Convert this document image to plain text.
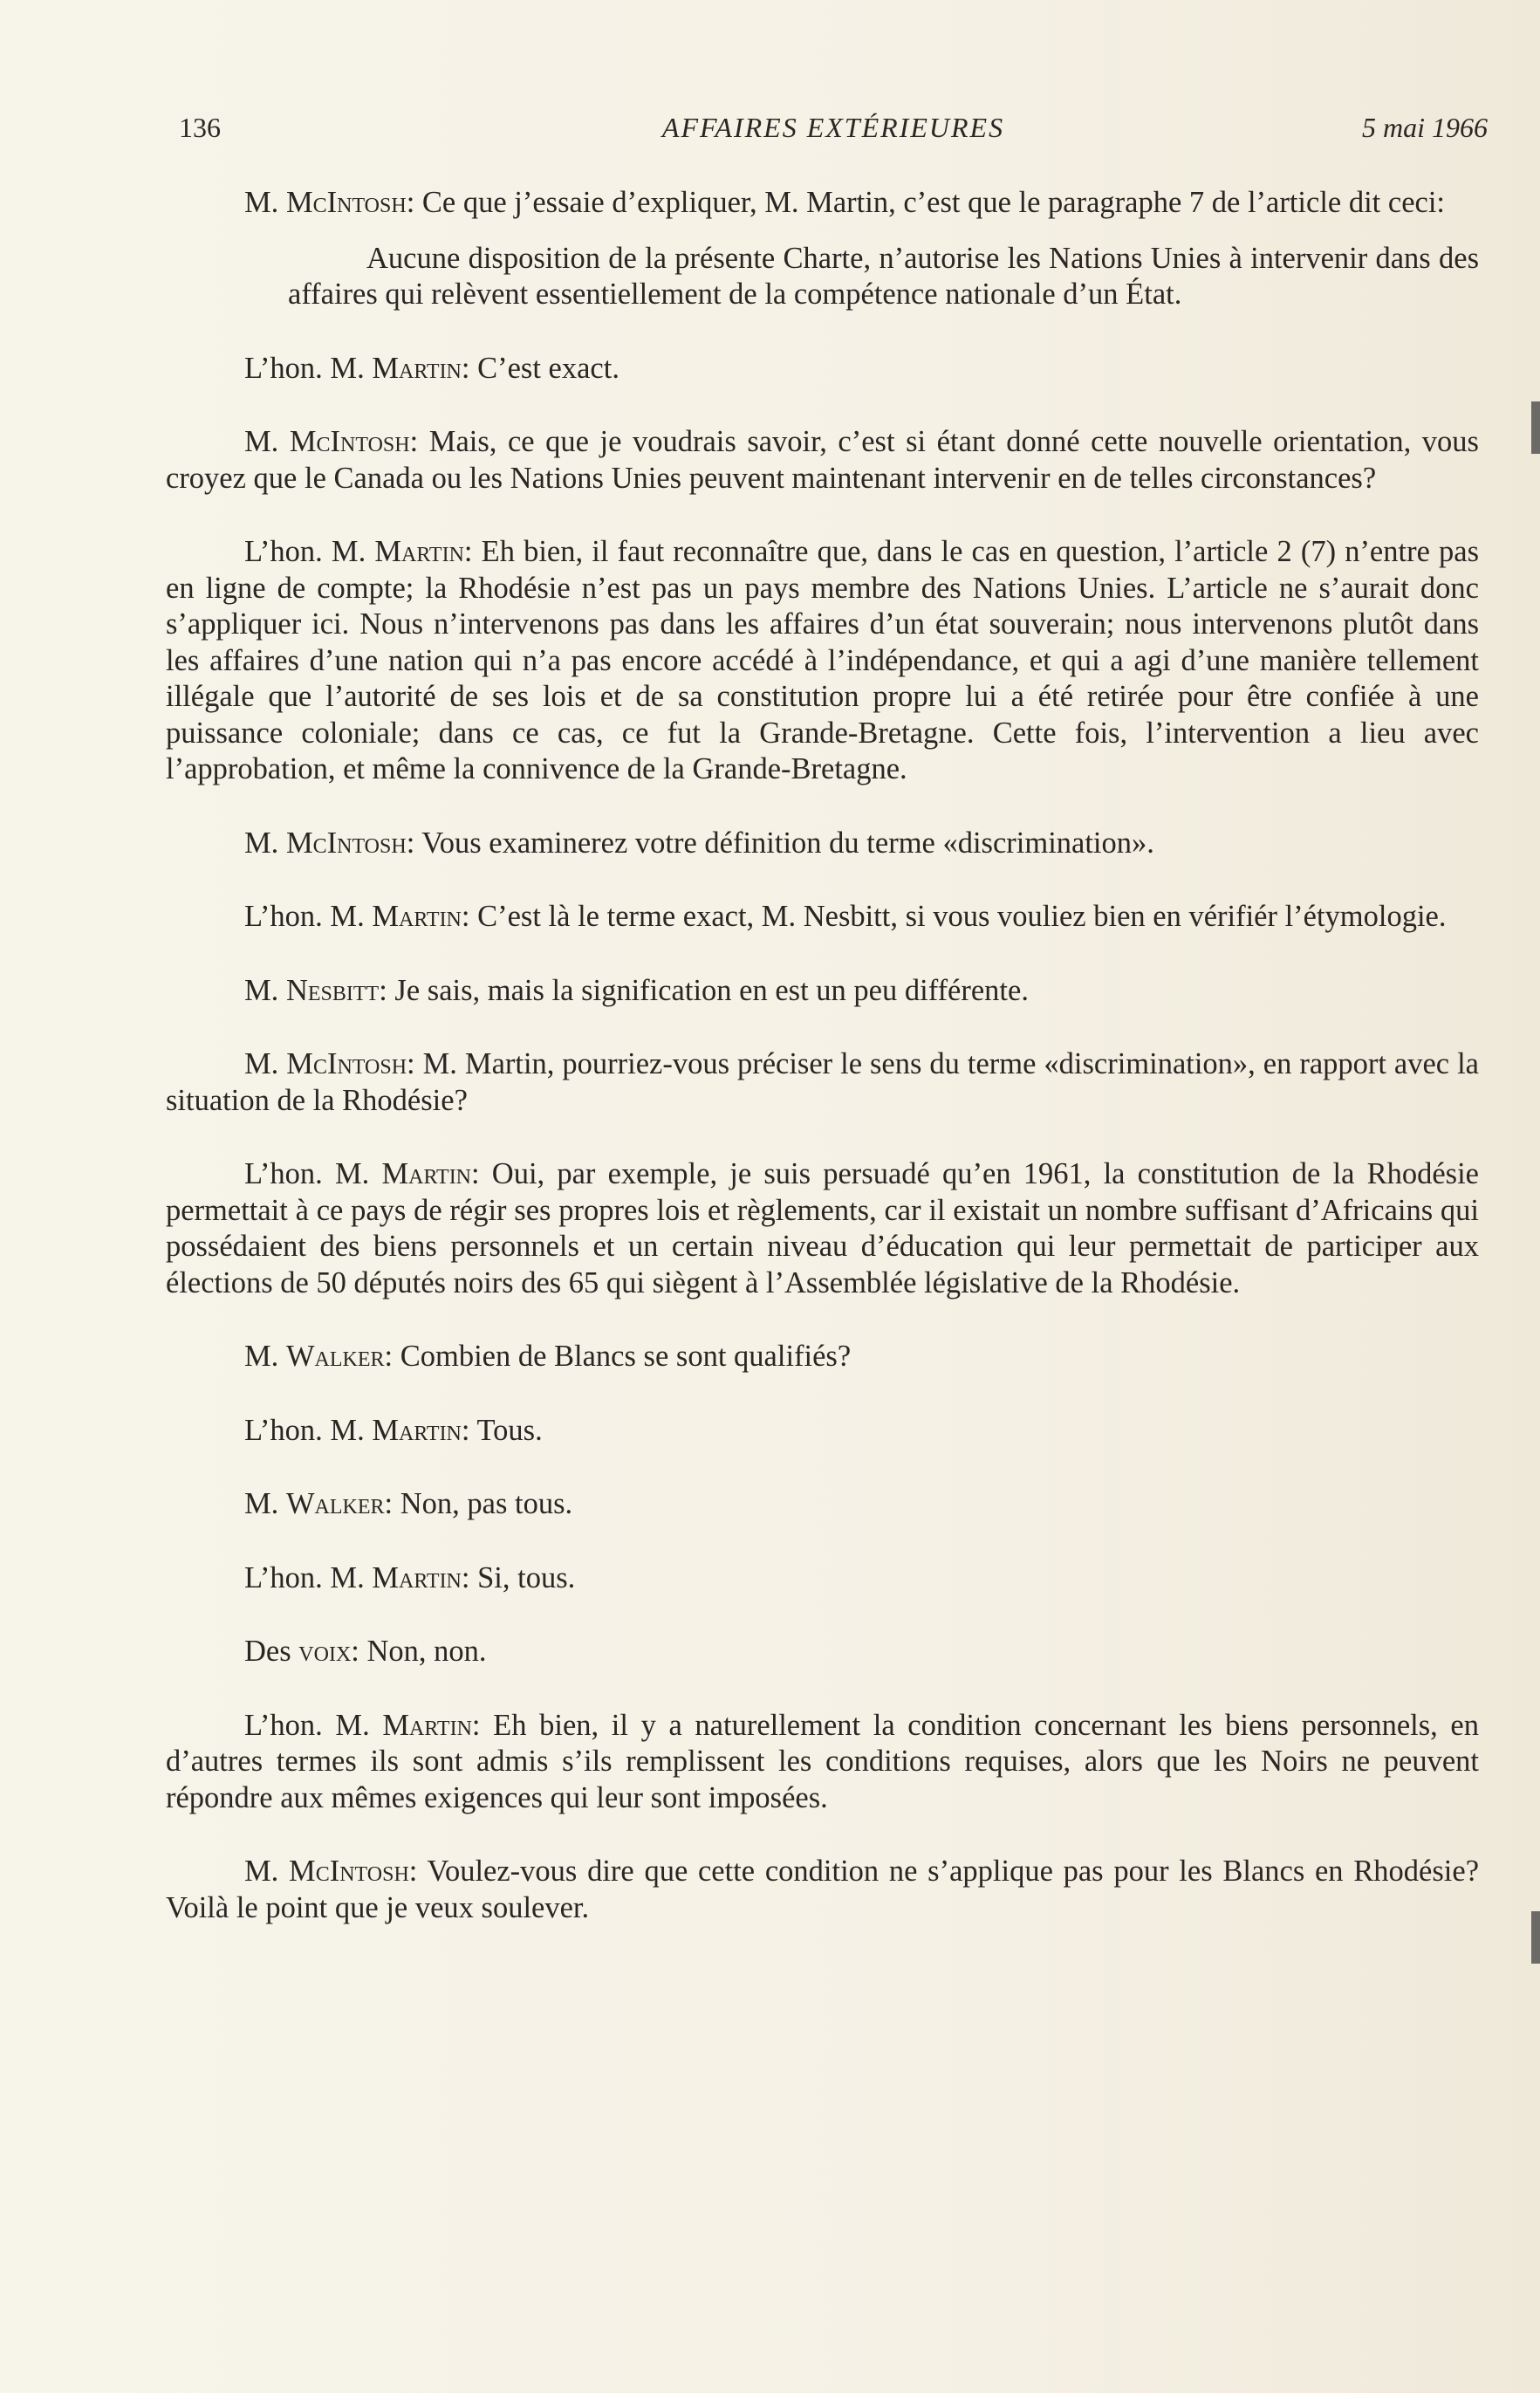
136	AFFAIRES EXTÉRIEURES	5 mai 1966

M. McIntosh: Ce que j’essaie d’expliquer, M. Martin, c’est que le paragraphe 7 de l’article dit ceci:

Aucune disposition de la présente Charte, n’autorise les Nations Unies à intervenir dans des affaires qui relèvent essentiellement de la compétence nationale d’un État.

L’hon. M. Martin: C’est exact.

M. McIntosh: Mais, ce que je voudrais savoir, c’est si étant donné cette nouvelle orientation, vous croyez que le Canada ou les Nations Unies peuvent maintenant intervenir en de telles circonstances?

L’hon. M. Martin: Eh bien, il faut reconnaître que, dans le cas en question, l’article 2 (7) n’entre pas en ligne de compte; la Rhodésie n’est pas un pays membre des Nations Unies. L’article ne s’aurait donc s’appliquer ici. Nous n’intervenons pas dans les affaires d’un état souverain; nous intervenons plutôt dans les affaires d’une nation qui n’a pas encore accédé à l’indépendance, et qui a agi d’une manière tellement illégale que l’autorité de ses lois et de sa constitution propre lui a été retirée pour être confiée à une puissance coloniale; dans ce cas, ce fut la Grande-Bretagne. Cette fois, l’intervention a lieu avec l’approbation, et même la connivence de la Grande-Bretagne.

M. McIntosh: Vous examinerez votre définition du terme «discrimination».

L’hon. M. Martin: C’est là le terme exact, M. Nesbitt, si vous vouliez bien en vérifiér l’étymologie.

M. Nesbitt: Je sais, mais la signification en est un peu différente.

M. McIntosh: M. Martin, pourriez-vous préciser le sens du terme «discrimination», en rapport avec la situation de la Rhodésie?

L’hon. M. Martin: Oui, par exemple, je suis persuadé qu’en 1961, la constitution de la Rhodésie permettait à ce pays de régir ses propres lois et règlements, car il existait un nombre suffisant d’Africains qui possédaient des biens personnels et un certain niveau d’éducation qui leur permettait de participer aux élections de 50 députés noirs des 65 qui siègent à l’Assemblée législative de la Rhodésie.

M. Walker: Combien de Blancs se sont qualifiés?

L’hon. M. Martin: Tous.

M. Walker: Non, pas tous.

L’hon. M. Martin: Si, tous.

Des voix: Non, non.

L’hon. M. Martin: Eh bien, il y a naturellement la condition concernant les biens personnels, en d’autres termes ils sont admis s’ils remplissent les conditions requises, alors que les Noirs ne peuvent répondre aux mêmes exigences qui leur sont imposées.

M. McIntosh: Voulez-vous dire que cette condition ne s’applique pas pour les Blancs en Rhodésie? Voilà le point que je veux soulever.
